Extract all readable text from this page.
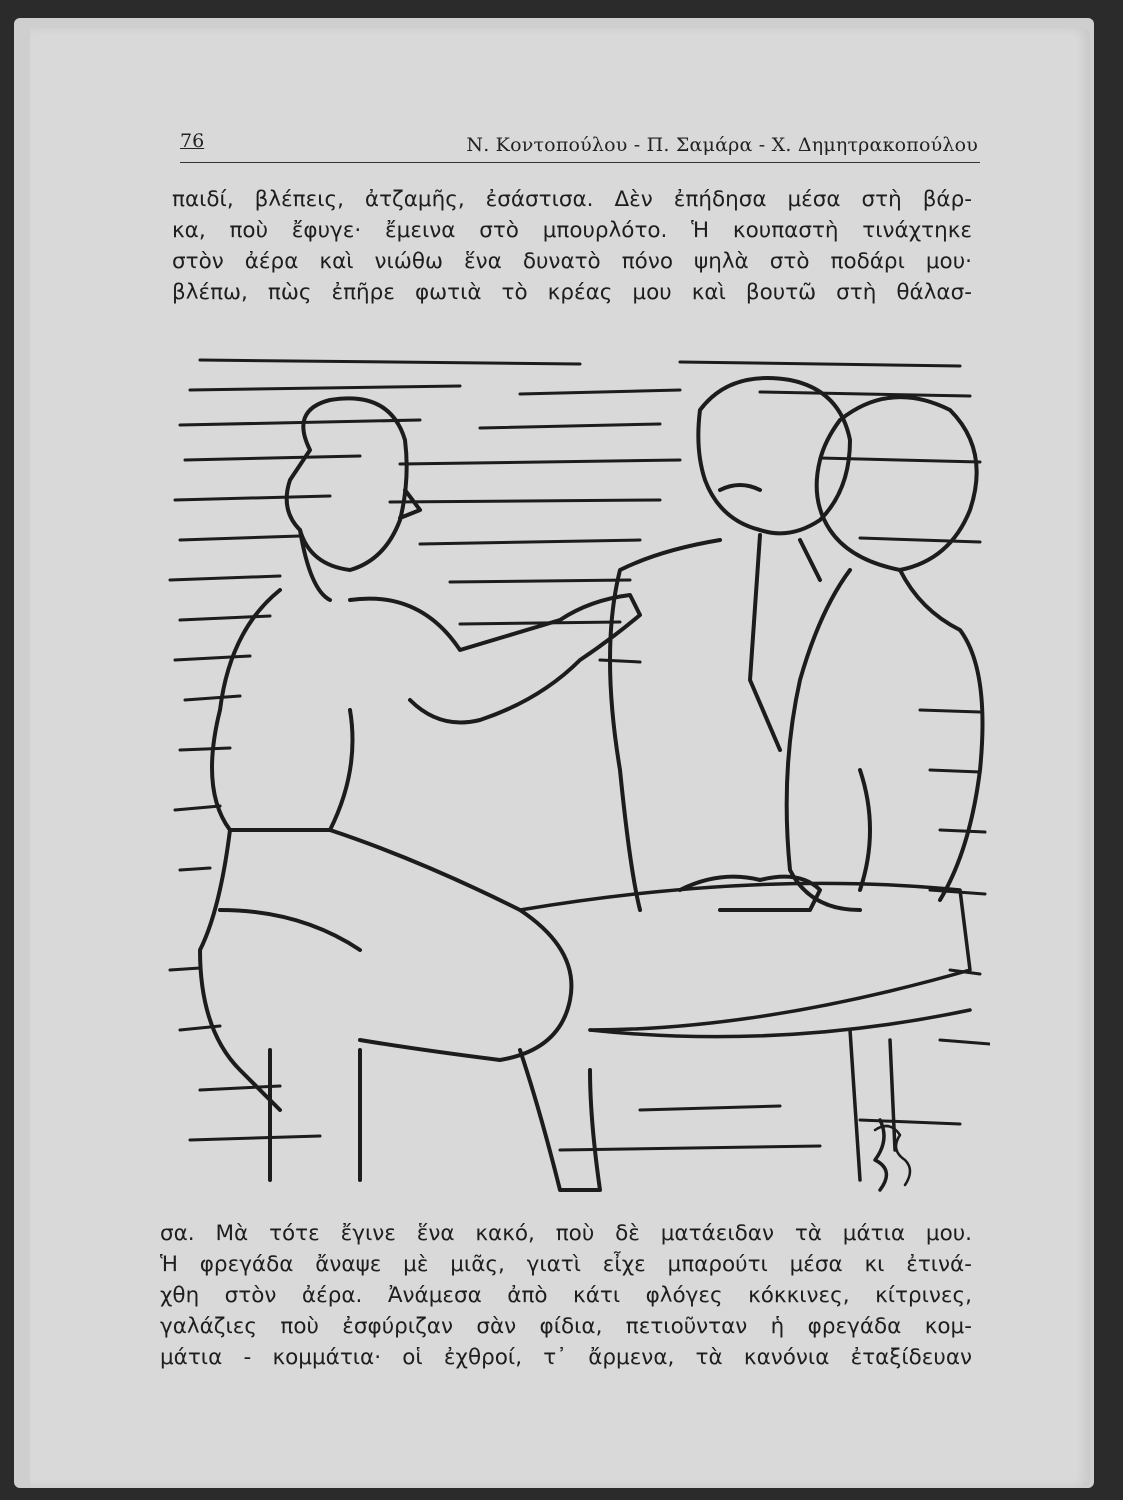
76	Ν. Κοντοπούλου - Π. Σαμάρα - Χ. Δημητρακοπούλου

παιδί, βλέπεις, ἀτζαμῆς, ἐσάστισα. Δὲν ἐπήδησα μέσα στὴ βάρ-
κα, ποὺ ἔφυγε· ἔμεινα στὸ μπουρλότο. Ἡ κουπαστὴ τινάχτηκε
στὸν ἀέρα καὶ νιώθω ἕνα δυνατὸ πόνο ψηλὰ στὸ ποδάρι μου·
βλέπω, πὼς ἐπῆρε φωτιὰ τὸ κρέας μου καὶ βουτῶ στὴ θάλασ-

σα. Μὰ τότε ἔγινε ἕνα κακό, ποὺ δὲ ματάειδαν τὰ μάτια μου.
Ἡ φρεγάδα ἄναψε μὲ μιᾶς, γιατὶ εἶχε μπαρούτι μέσα κι ἐτινά-
χθη στὸν ἀέρα. Ἀνάμεσα ἀπὸ κάτι φλόγες κόκκινες, κίτρινες,
γαλάζιες ποὺ ἐσφύριζαν σὰν φίδια, πετιοῦνταν ἡ φρεγάδα κομ-
μάτια - κομμάτια· οἱ ἐχθροί, τ᾽ ἄρμενα, τὰ κανόνια ἐταξίδευαν
